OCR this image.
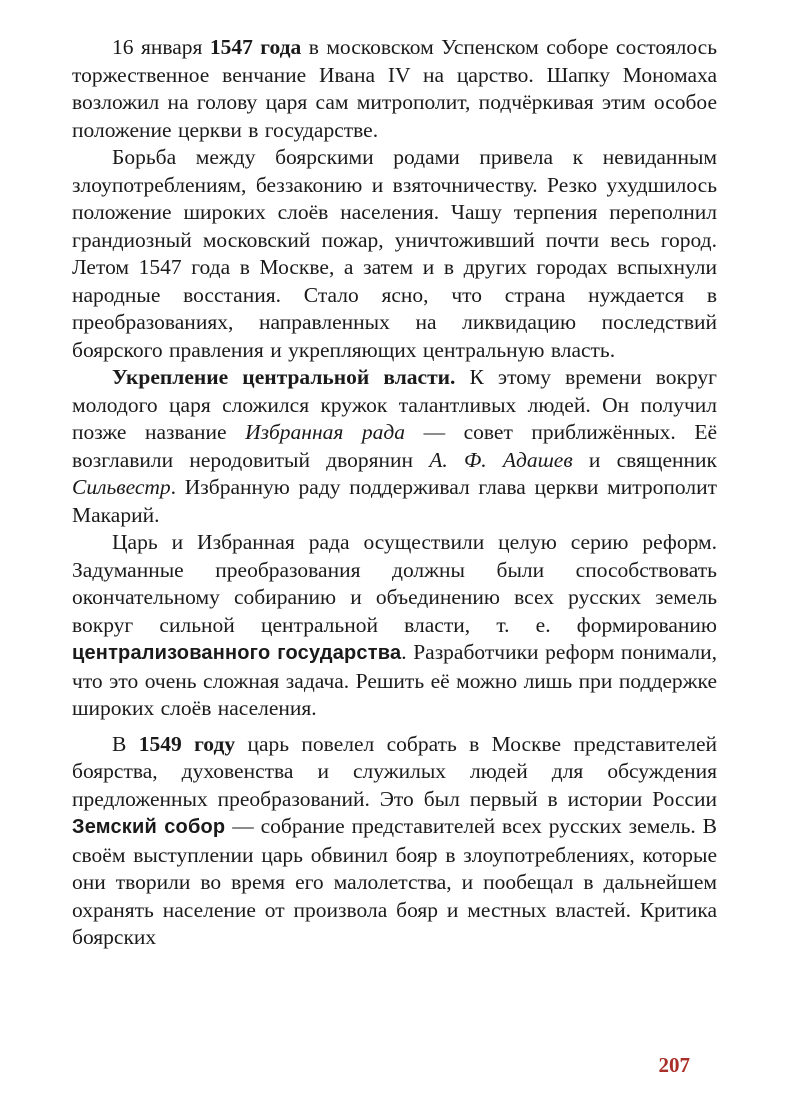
16 января 1547 года в московском Успенском соборе состоялось торжественное венчание Ивана IV на царство. Шапку Мономаха возложил на голову царя сам митрополит, подчёркивая этим особое положение церкви в государстве.

Борьба между боярскими родами привела к невиданным злоупотреблениям, беззаконию и взяточничеству. Резко ухудшилось положение широких слоёв населения. Чашу терпения переполнил грандиозный московский пожар, уничтоживший почти весь город. Летом 1547 года в Москве, а затем и в других городах вспыхнули народные восстания. Стало ясно, что страна нуждается в преобразованиях, направленных на ликвидацию последствий боярского правления и укрепляющих центральную власть.

Укрепление центральной власти. К этому времени вокруг молодого царя сложился кружок талантливых людей. Он получил позже название Избранная рада — совет приближённых. Её возглавили неродовитый дворянин А. Ф. Адашев и священник Сильвестр. Избранную раду поддерживал глава церкви митрополит Макарий.

Царь и Избранная рада осуществили целую серию реформ. Задуманные преобразования должны были способствовать окончательному собиранию и объединению всех русских земель вокруг сильной центральной власти, т. е. формированию централизованного государства. Разработчики реформ понимали, что это очень сложная задача. Решить её можно лишь при поддержке широких слоёв населения.

В 1549 году царь повелел собрать в Москве представителей боярства, духовенства и служилых людей для обсуждения предложенных преобразований. Это был первый в истории России Земский собор — собрание представителей всех русских земель. В своём выступлении царь обвинил бояр в злоупотреблениях, которые они творили во время его малолетства, и пообещал в дальнейшем охранять население от произвола бояр и местных властей. Критика боярских

207
